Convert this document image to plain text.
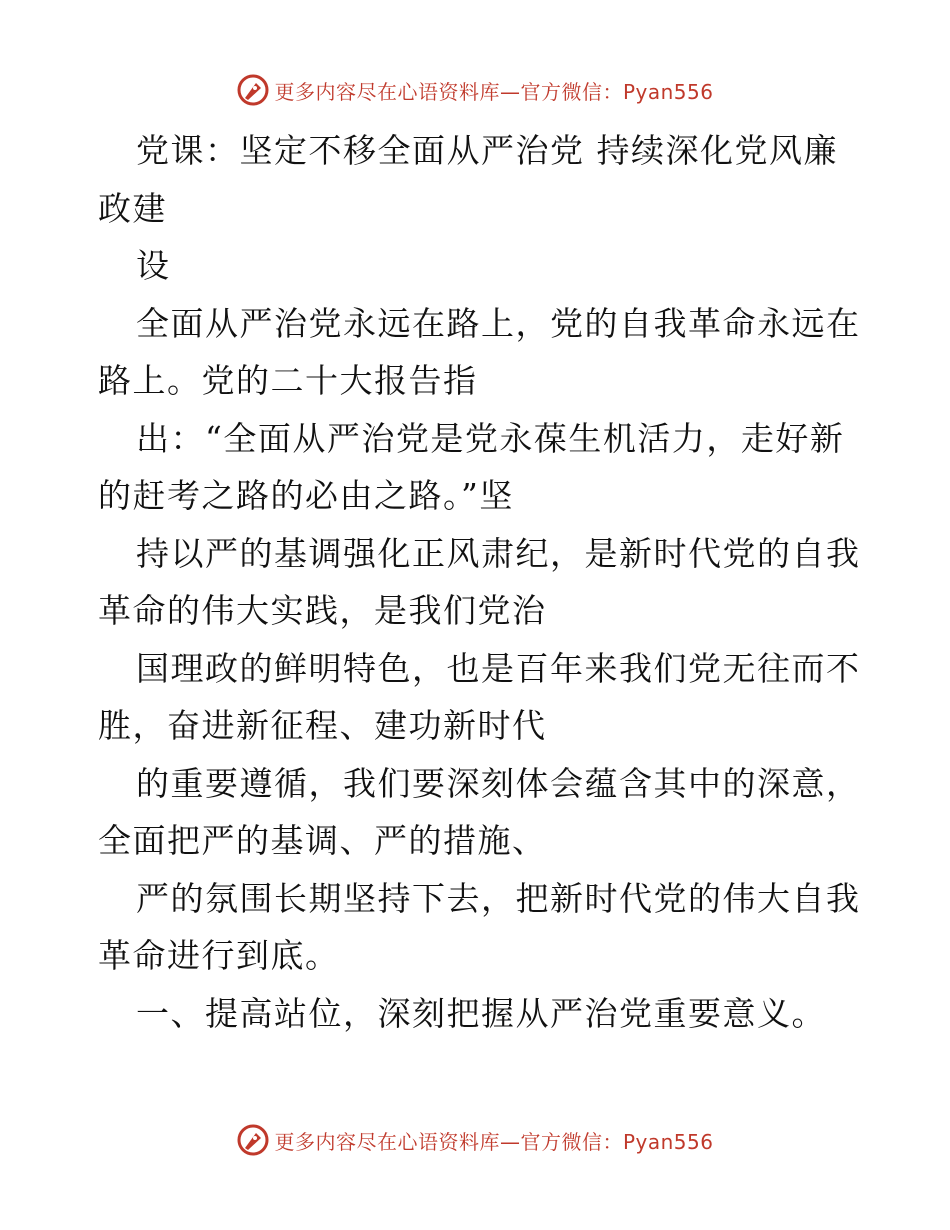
更多内容尽在心语资料库—官方微信：Pyan556

党课：坚定不移全面从严治党 持续深化党风廉
政建

设

全面从严治党永远在路上，党的自我革命永远在
路上。党的二十大报告指

出：“全面从严治党是党永葆生机活力，走好新
的赶考之路的必由之路。”坚

持以严的基调强化正风肃纪，是新时代党的自我
革命的伟大实践，是我们党治

国理政的鲜明特色，也是百年来我们党无往而不
胜，奋进新征程、建功新时代

的重要遵循，我们要深刻体会蕴含其中的深意，
全面把严的基调、严的措施、

严的氛围长期坚持下去，把新时代党的伟大自我
革命进行到底。

一、提高站位，深刻把握从严治党重要意义。

更多内容尽在心语资料库—官方微信：Pyan556
